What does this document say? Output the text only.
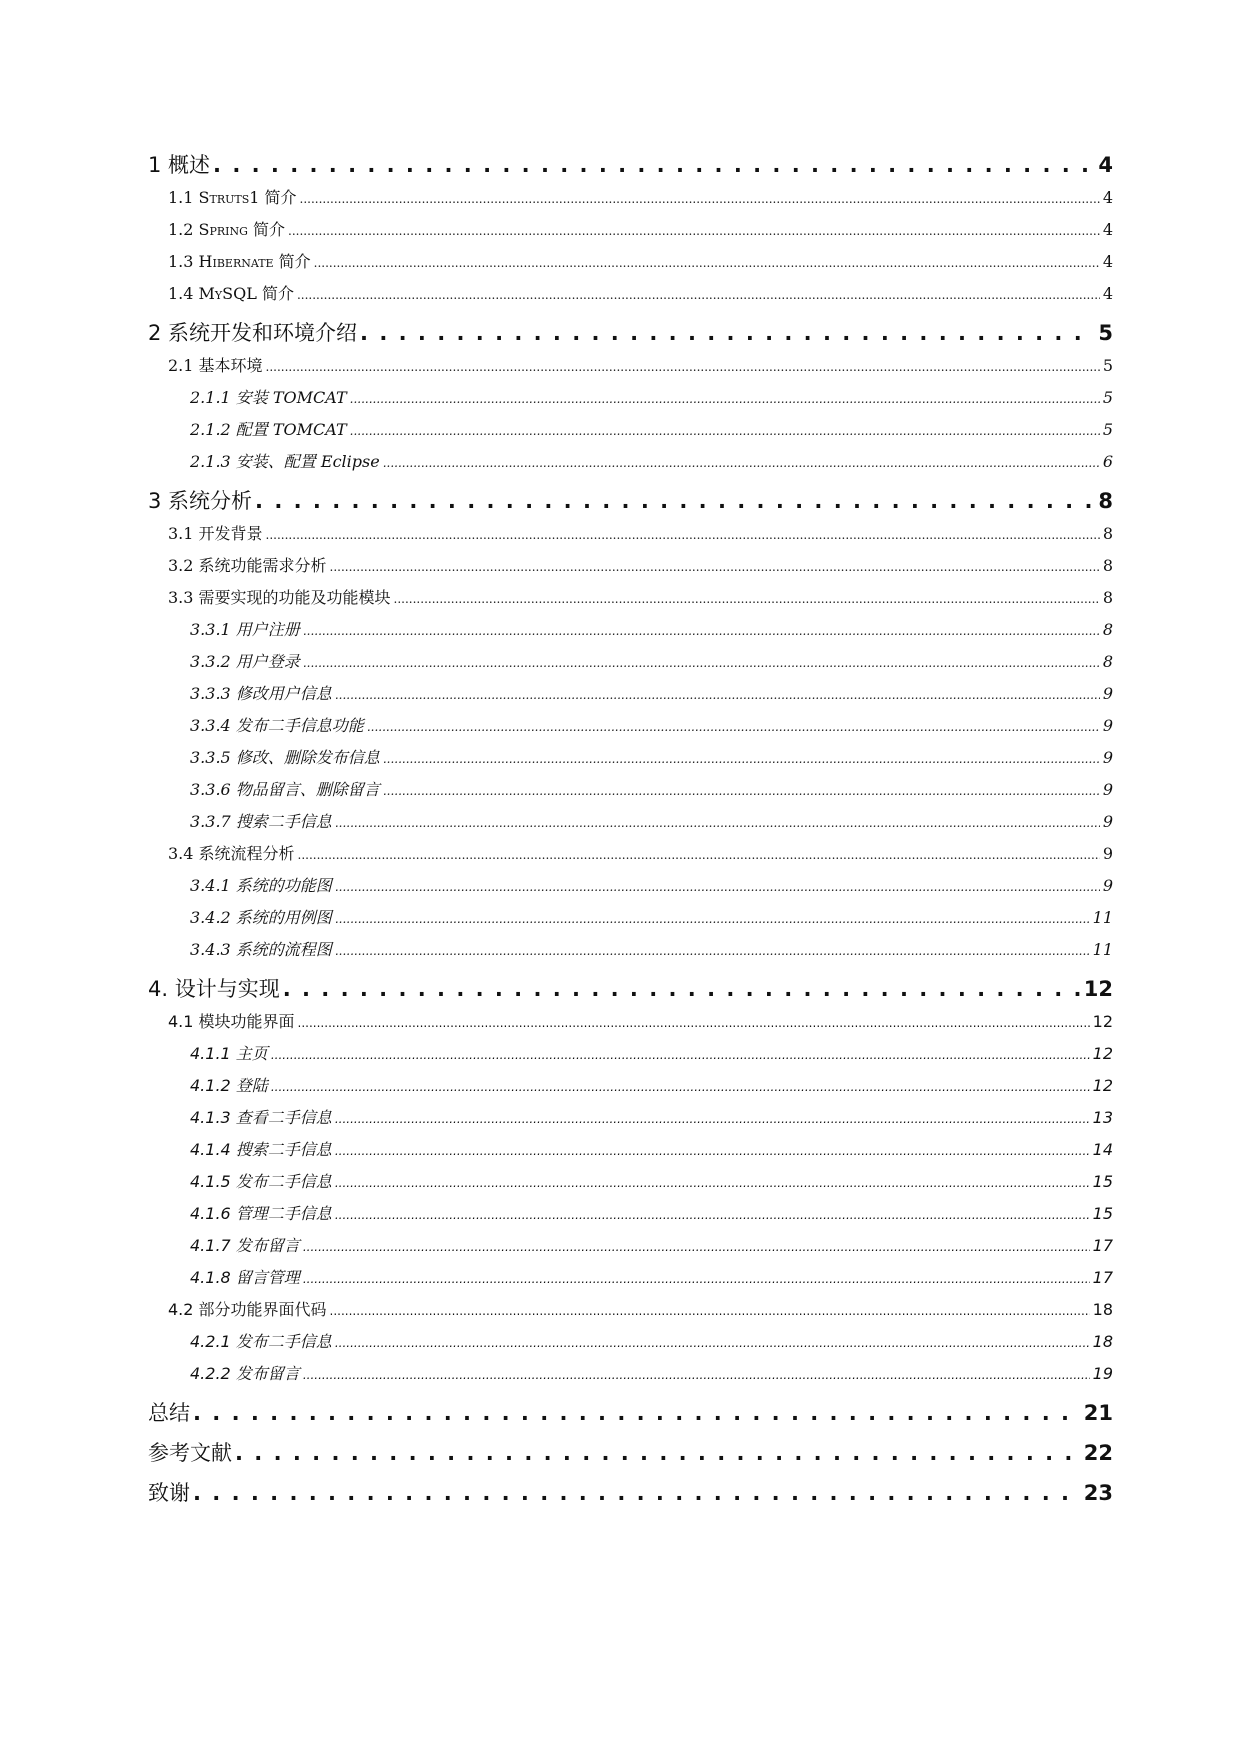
1 概述 . . .	4
1.1 Struts1 简介 .....	4
1.2 Spring 简介 .....	4
1.3 Hibernate 简介 .....	4
1.4 MySQL 简介 .....	4
2 系统开发和环境介绍 . . .	5
2.1 基本环境 .....	5
2.1.1 安装 TOMCAT .....	5
2.1.2 配置 TOMCAT .....	5
2.1.3 安装、配置 Eclipse .....	6
3 系统分析 . . .	8
3.1 开发背景 .....	8
3.2 系统功能需求分析 .....	8
3.3 需要实现的功能及功能模块 .....	8
3.3.1 用户注册 .....	8
3.3.2 用户登录 .....	8
3.3.3 修改用户信息 .....	9
3.3.4 发布二手信息功能 .....	9
3.3.5 修改、删除发布信息 .....	9
3.3.6 物品留言、删除留言 .....	9
3.3.7 搜索二手信息 .....	9
3.4 系统流程分析 .....	9
3.4.1 系统的功能图 .....	9
3.4.2 系统的用例图 .....	11
3.4.3 系统的流程图 .....	11
4. 设计与实现 . . .	12
4.1 模块功能界面 .....	12
4.1.1 主页 .....	12
4.1.2 登陆 .....	12
4.1.3 查看二手信息 .....	13
4.1.4 搜索二手信息 .....	14
4.1.5 发布二手信息 .....	15
4.1.6 管理二手信息 .....	15
4.1.7 发布留言 .....	17
4.1.8 留言管理 .....	17
4.2 部分功能界面代码 .....	18
4.2.1 发布二手信息 .....	18
4.2.2 发布留言 .....	19
总结 . . .	21
参考文献 . . .	22
致谢 . . .	23
